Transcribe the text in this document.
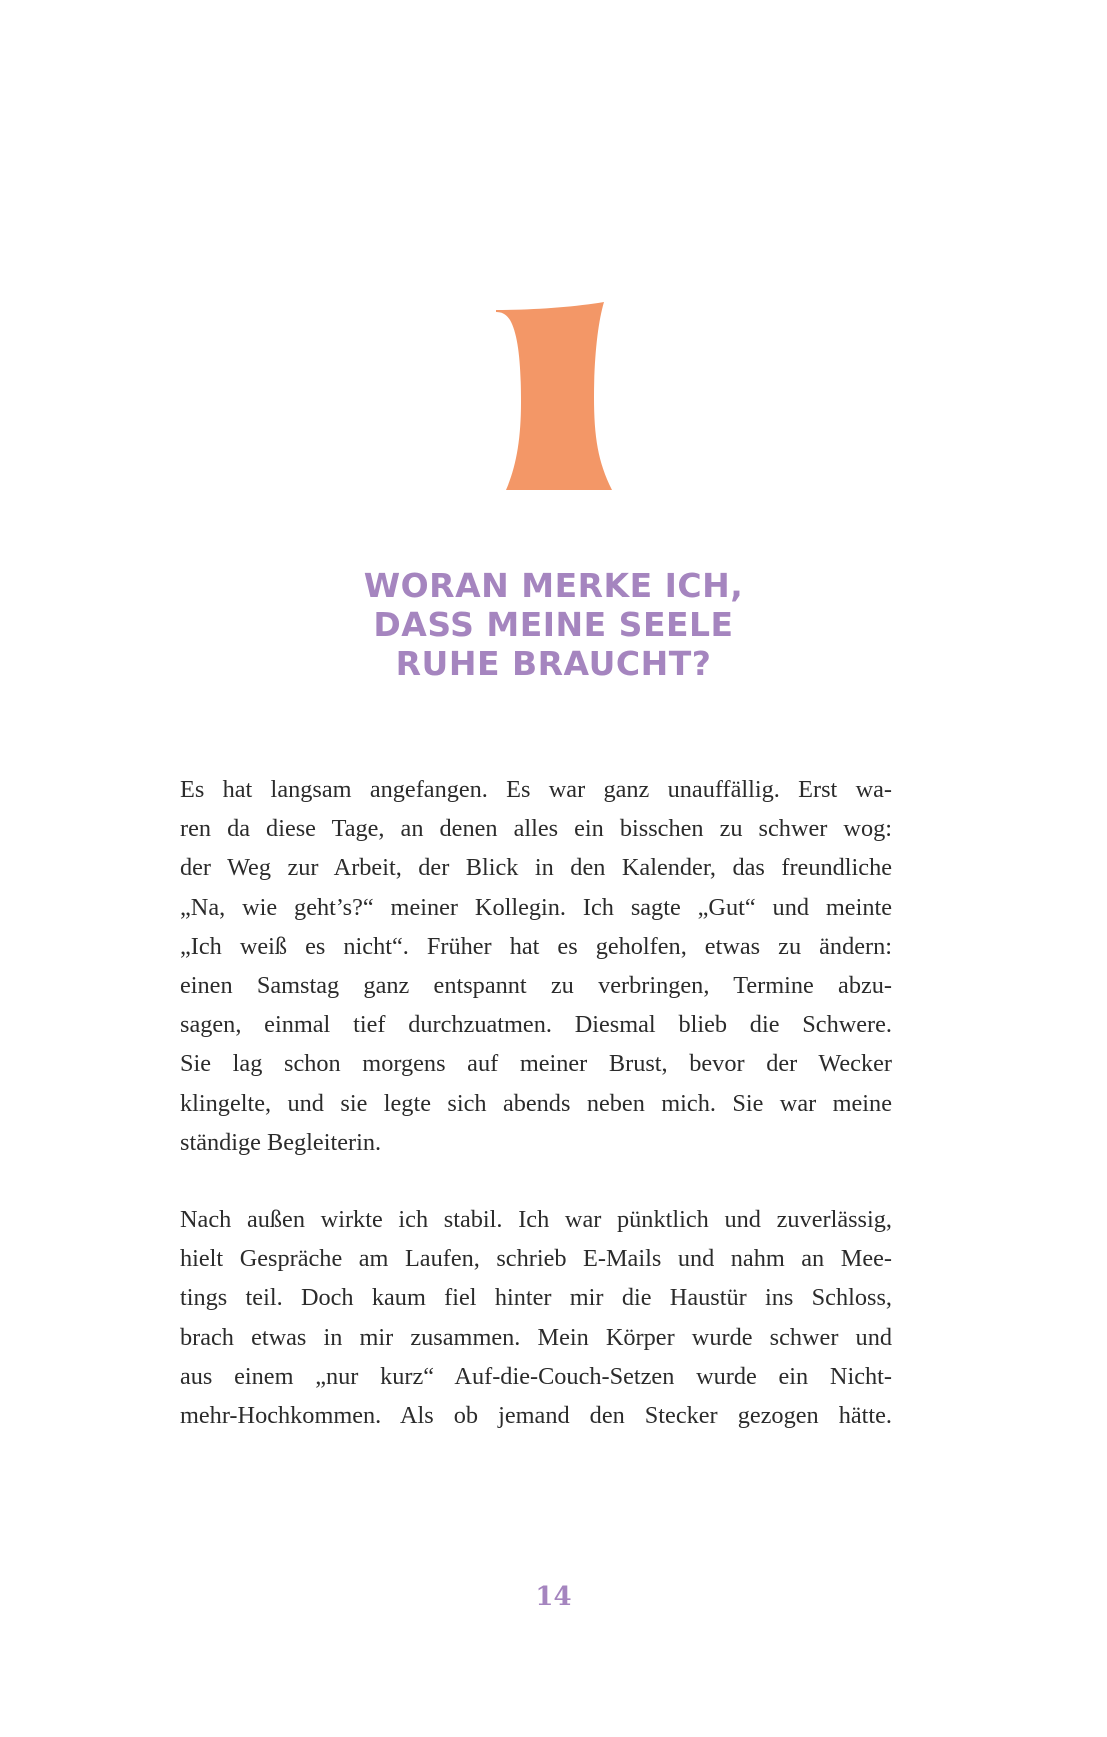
WORAN MERKE ICH,
DASS MEINE SEELE
RUHE BRAUCHT?

Es hat langsam angefangen. Es war ganz unauffällig. Erst wa-
ren da diese Tage, an denen alles ein bisschen zu schwer wog:
der Weg zur Arbeit, der Blick in den Kalender, das freundliche
„Na, wie geht’s?“ meiner Kollegin. Ich sagte „Gut“ und meinte
„Ich weiß es nicht“. Früher hat es geholfen, etwas zu ändern:
einen Samstag ganz entspannt zu verbringen, Termine abzu-
sagen, einmal tief durchzuatmen. Diesmal blieb die Schwere.
Sie lag schon morgens auf meiner Brust, bevor der Wecker
klingelte, und sie legte sich abends neben mich. Sie war meine
ständige Begleiterin.

Nach außen wirkte ich stabil. Ich war pünktlich und zuverlässig,
hielt Gespräche am Laufen, schrieb E-Mails und nahm an Mee-
tings teil. Doch kaum fiel hinter mir die Haustür ins Schloss,
brach etwas in mir zusammen. Mein Körper wurde schwer und
aus einem „nur kurz“ Auf-die-Couch-Setzen wurde ein Nicht-
mehr-Hochkommen. Als ob jemand den Stecker gezogen hätte.

14
